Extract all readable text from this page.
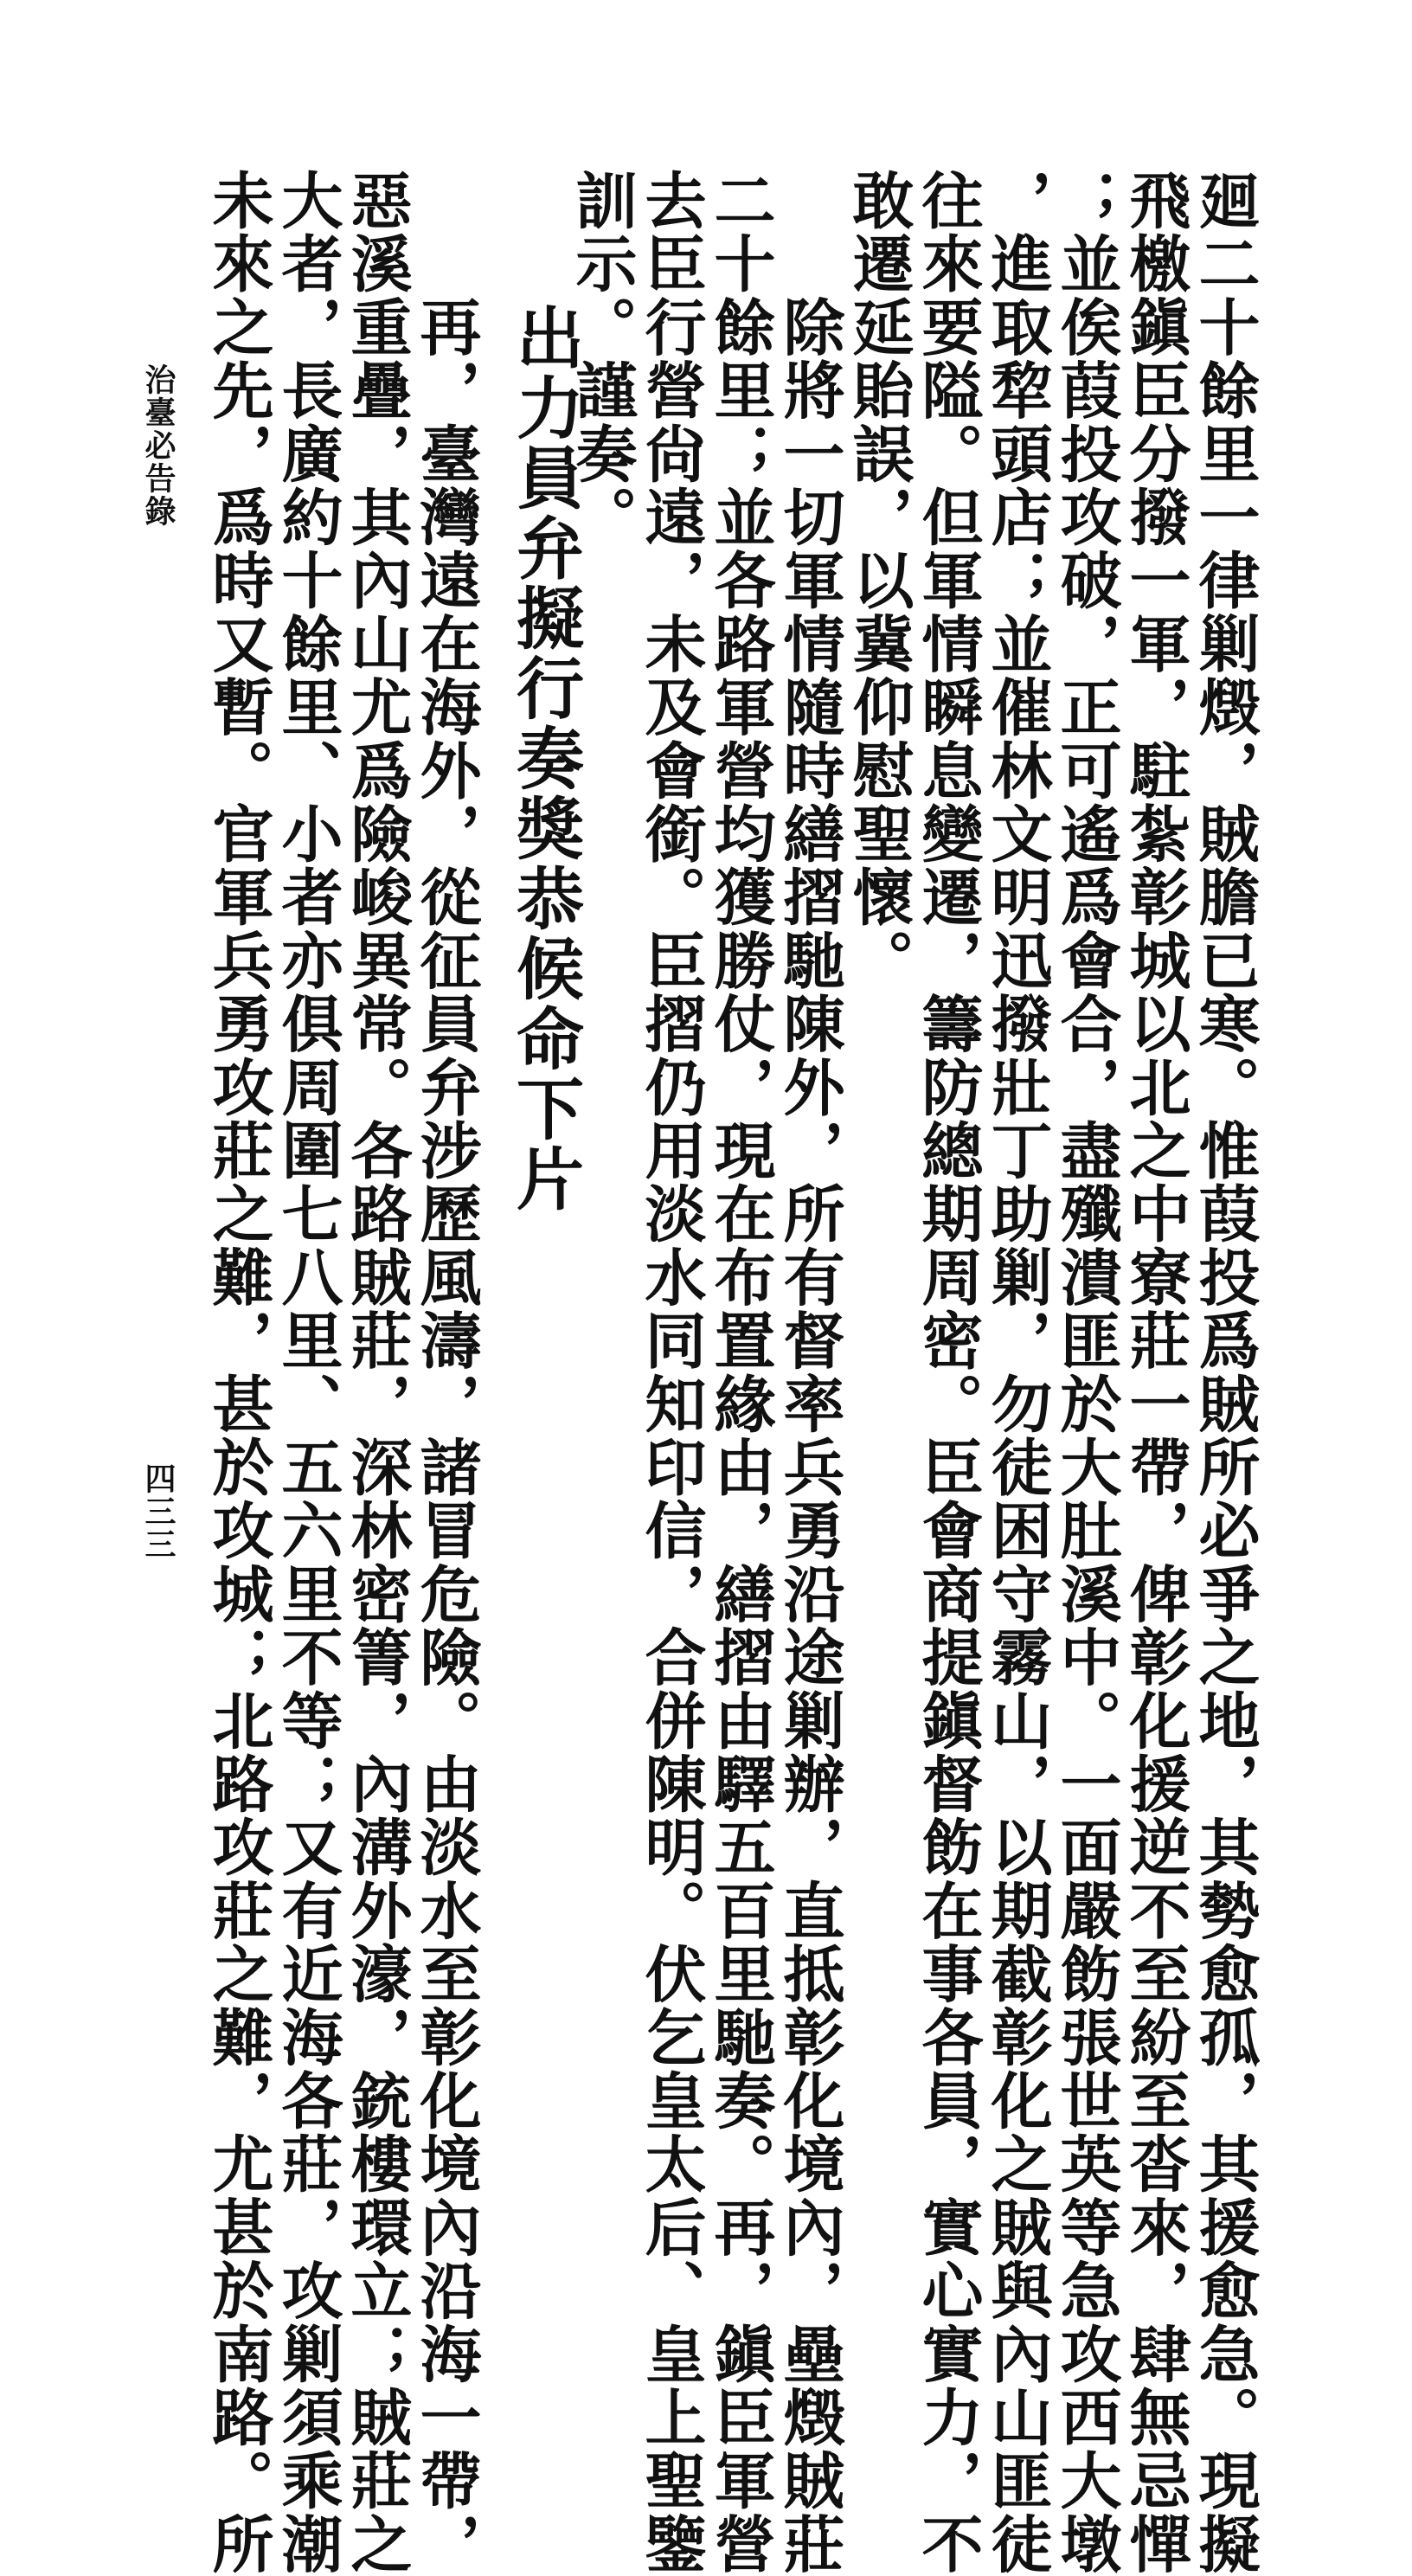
廻二十餘里一律剿燬，賊膽已寒。惟葭投爲賊所必爭之地，其勢愈孤，其援愈急。現擬
飛檄鎭臣分撥一軍，駐紮彰城以北之中寮莊一帶，俾彰化援逆不至紛至沓來，肆無忌憚
；並俟葭投攻破，正可遙爲會合，盡殲潰匪於大肚溪中。一面嚴飭張世英等急攻西大墩
，進取犂頭店；並催林文明迅撥壯丁助剿，勿徒困守霧山，以期截彰化之賊與內山匪徒
往來要隘。但軍情瞬息變遷，籌防總期周密。臣會商提鎭督飭在事各員，實心實力，不
敢遷延貽誤，以冀仰慰聖懷。
　　除將一切軍情隨時繕摺馳陳外，所有督率兵勇沿途剿辦，直抵彰化境內，壘燬賊莊
二十餘里；並各路軍營均獲勝仗，現在布置緣由，繕摺由驛五百里馳奏。再，鎭臣軍營
去臣行營尙遠，未及會銜。臣摺仍用淡水同知印信，合併陳明。伏乞皇太后、皇上聖鑒
訓示。謹奏。
出力員弁擬行奏獎恭候命下片
　　再，臺灣遠在海外，從征員弁涉歷風濤，諸冒危險。由淡水至彰化境內沿海一帶，
惡溪重疊，其內山尤爲險峻異常。各路賊莊，深林密箐，內溝外濠，銃樓環立；賊莊之
大者，長廣約十餘里、小者亦俱周圍七八里、五六里不等；又有近海各莊，攻剿須乘潮
未來之先，爲時又暫。官軍兵勇攻莊之難，甚於攻城；北路攻莊之難，尤甚於南路。所
治臺必告錄
四三三
